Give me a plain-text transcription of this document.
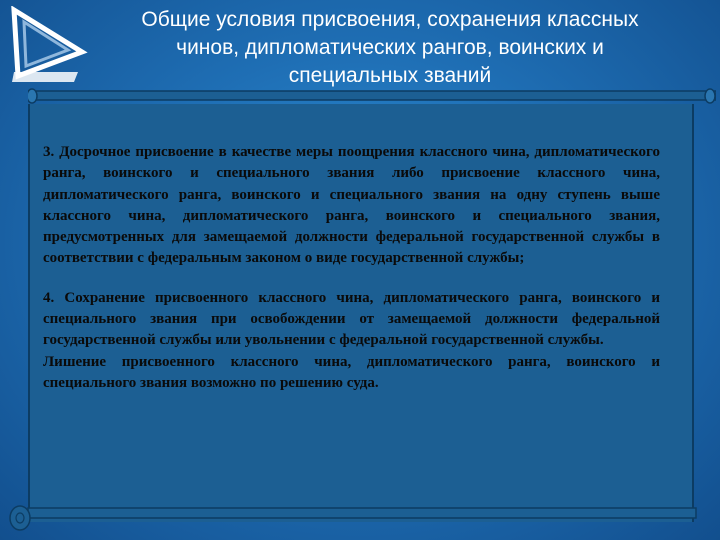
Общие условия присвоения, сохранения классных
чинов, дипломатических рангов, воинских и
специальных званий

3. Досрочное присвоение в качестве меры поощрения классного чина, дипломатического ранга, воинского и специального звания либо присвоение классного чина, дипломатического ранга, воинского и специального звания на одну ступень выше классного чина, дипломатического ранга, воинского и специального звания, предусмотренных для замещаемой должности федеральной государственной службы в соответствии с федеральным законом о виде государственной службы;

4. Сохранение присвоенного классного чина, дипломатического ранга, воинского и специального звания при освобождении от замещаемой должности федеральной государственной службы или увольнении с федеральной государственной службы.

Лишение присвоенного классного чина, дипломатического ранга, воинского и специального звания возможно по решению суда.
